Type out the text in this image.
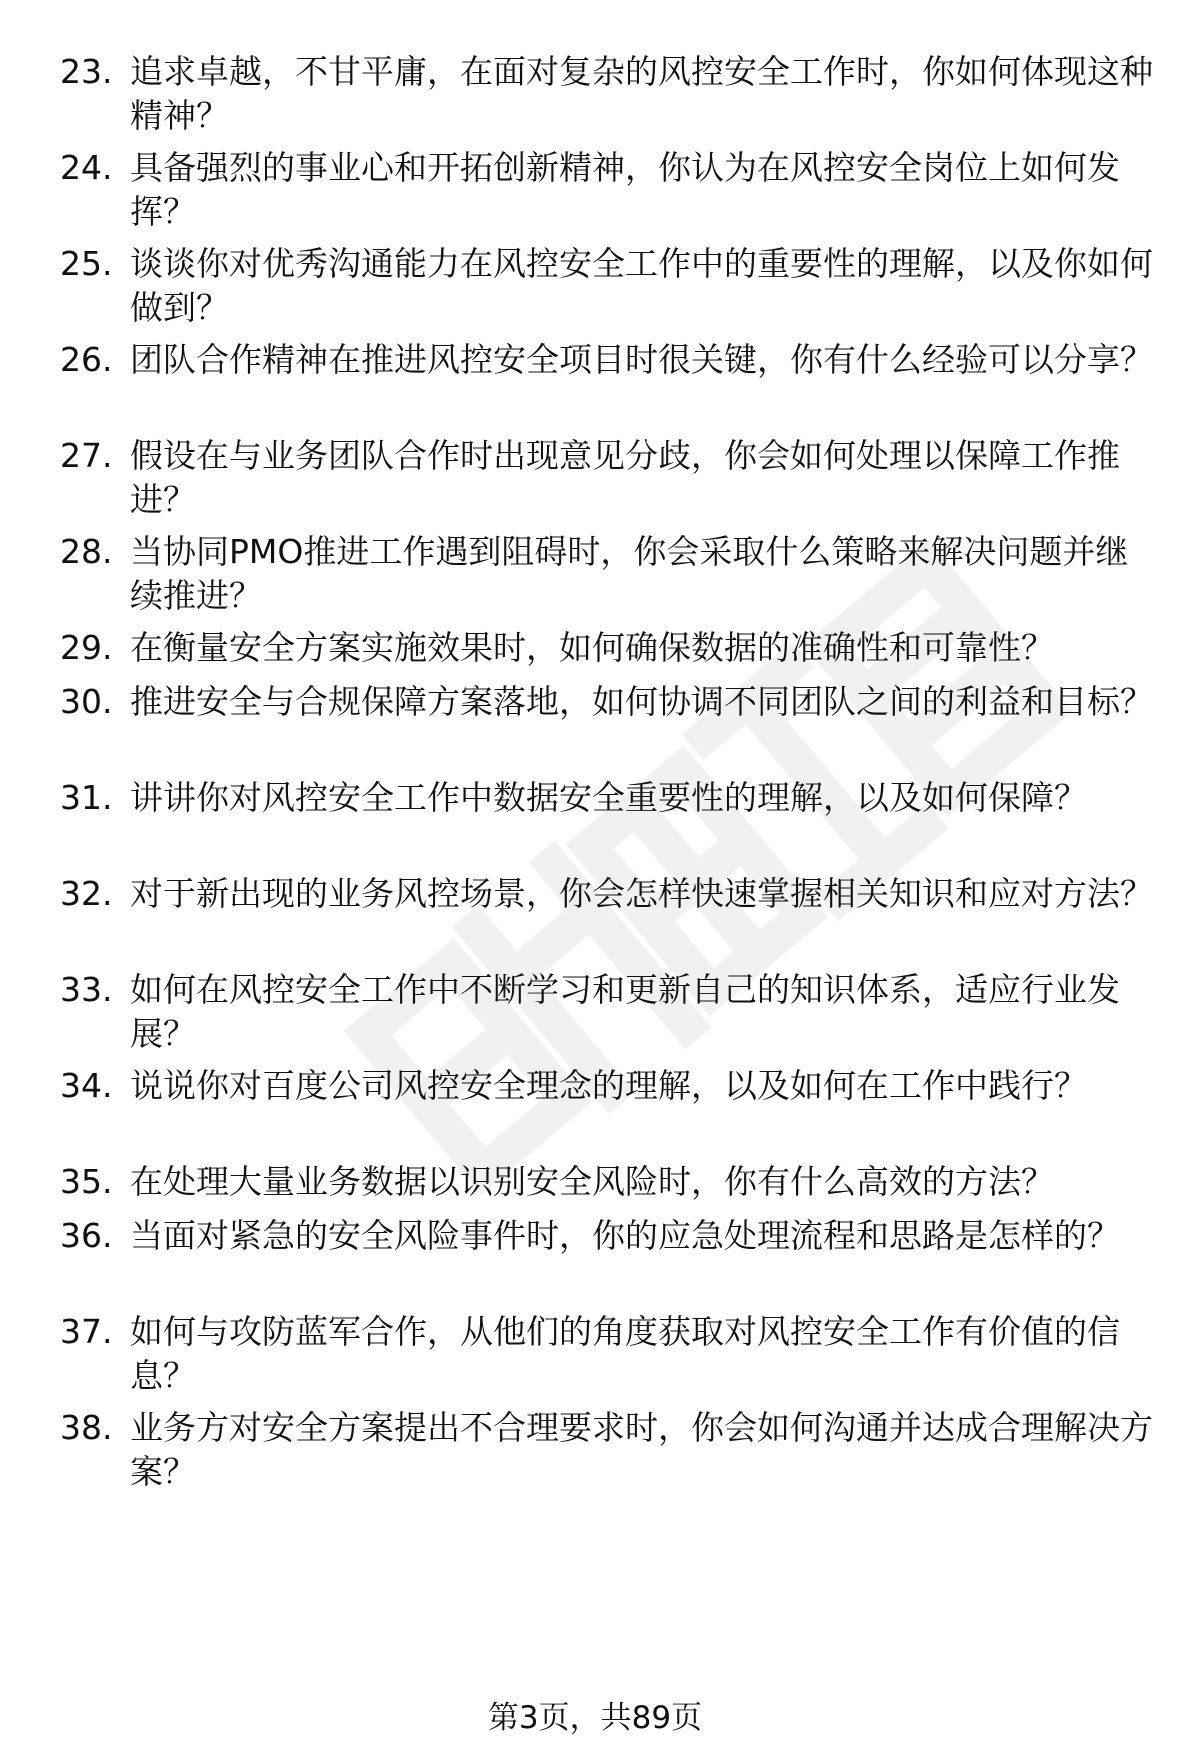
23. 追求卓越，不甘平庸，在面对复杂的风控安全工作时，你如何体现这种精神？
24. 具备强烈的事业心和开拓创新精神，你认为在风控安全岗位上如何发挥？
25. 谈谈你对优秀沟通能力在风控安全工作中的重要性的理解，以及你如何做到？
26. 团队合作精神在推进风控安全项目时很关键，你有什么经验可以分享？
27. 假设在与业务团队合作时出现意见分歧，你会如何处理以保障工作推进？
28. 当协同PMO推进工作遇到阻碍时，你会采取什么策略来解决问题并继续推进？
29. 在衡量安全方案实施效果时，如何确保数据的准确性和可靠性？
30. 推进安全与合规保障方案落地，如何协调不同团队之间的利益和目标？
31. 讲讲你对风控安全工作中数据安全重要性的理解，以及如何保障？
32. 对于新出现的业务风控场景，你会怎样快速掌握相关知识和应对方法？
33. 如何在风控安全工作中不断学习和更新自己的知识体系，适应行业发展？
34. 说说你对百度公司风控安全理念的理解，以及如何在工作中践行？
35. 在处理大量业务数据以识别安全风险时，你有什么高效的方法？
36. 当面对紧急的安全风险事件时，你的应急处理流程和思路是怎样的？
37. 如何与攻防蓝军合作，从他们的角度获取对风控安全工作有价值的信息？
38. 业务方对安全方案提出不合理要求时，你会如何沟通并达成合理解决方案？
第3页，共89页
